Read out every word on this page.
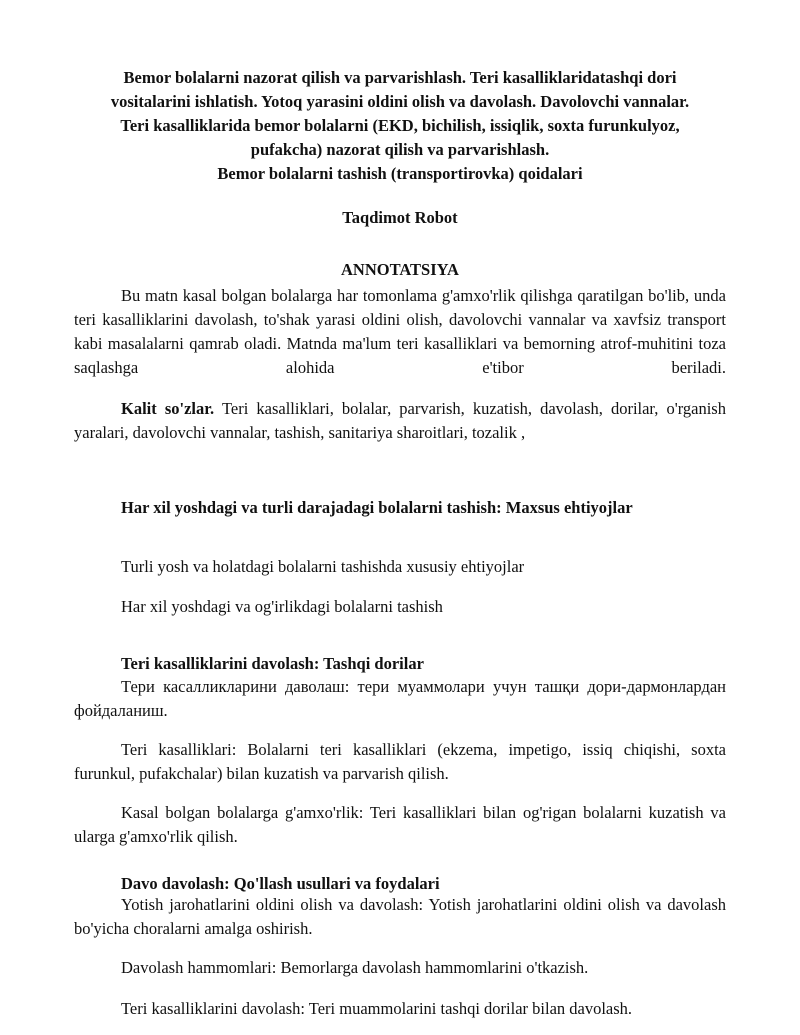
Bemor bolalarni nazorat qilish va parvarishlash. Teri kasalliklaridatashqi dori
vositalarini ishlatish. Yotoq yarasini oldini olish va davolash. Davolovchi vannalar.
Teri kasalliklarida bemor bolalarni (EKD, bichilish, issiqlik, soxta furunkulyoz,
pufakcha) nazorat qilish va parvarishlash.
Bemor bolalarni tashish (transportirovka) qoidalari
Taqdimot Robot
ANNOTATSIYA

Bu matn kasal bolgan bolalarga har tomonlama g'amxo'rlik qilishga qaratilgan bo'lib, unda teri kasalliklarini davolash, to'shak yarasi oldini olish, davolovchi vannalar va xavfsiz transport kabi masalalarni qamrab oladi. Matnda ma'lum teri kasalliklari va bemorning atrof-muhitini toza saqlashga alohida e'tibor beriladi.

Kalit so'zlar. Teri kasalliklari, bolalar, parvarish, kuzatish, davolash, dorilar, o'rganish yaralari, davolovchi vannalar, tashish, sanitariya sharoitlari, tozalik ,

Har xil yoshdagi va turli darajadagi bolalarni tashish: Maxsus ehtiyojlar

Turli yosh va holatdagi bolalarni tashishda xususiy ehtiyojlar

Har xil yoshdagi va og'irlikdagi bolalarni tashish

Teri kasalliklarini davolash: Tashqi dorilar

Тери касалликларини даволаш: тери муаммолари учун ташқи дори-дармонлардан фойдаланиш.

Teri kasalliklari: Bolalarni teri kasalliklari (ekzema, impetigo, issiq chiqishi, soxta furunkul, pufakchalar) bilan kuzatish va parvarish qilish.

Kasal bolgan bolalarga g'amxo'rlik: Teri kasalliklari bilan og'rigan bolalarni kuzatish va ularga g'amxo'rlik qilish.

Davo davolash: Qo'llash usullari va foydalari

Yotish jarohatlarini oldini olish va davolash: Yotish jarohatlarini oldini olish va davolash bo'yicha choralarni amalga oshirish.

Davolash hammomlari: Bemorlarga davolash hammomlarini o'tkazish.

Teri kasalliklarini davolash: Teri muammolarini tashqi dorilar bilan davolash.
